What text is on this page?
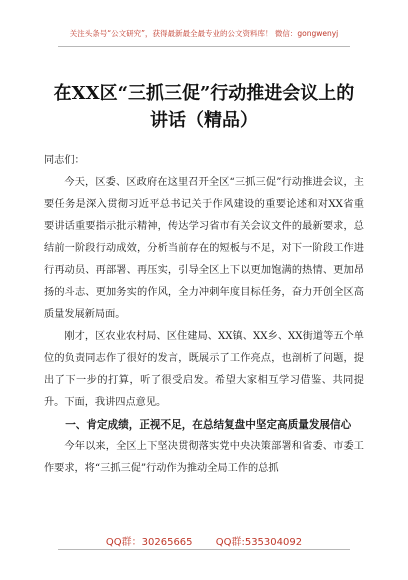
关注头条号“公文研究”，获得最新最全最专业的公文资料库！ 微信：gongwenyj
在XX区“三抓三促”行动推进会议上的
讲话（精品）

同志们：

今天，区委、区政府在这里召开全区“三抓三促”行动推进会议，主要任务是深入贯彻习近平总书记关于作风建设的重要论述和对XX省重要讲话重要指示批示精神，传达学习省市有关会议文件的最新要求，总结前一阶段行动成效，分析当前存在的短板与不足，对下一阶段工作进行再动员、再部署、再压实，引导全区上下以更加饱满的热情、更加昂扬的斗志、更加务实的作风，全力冲刺年度目标任务，奋力开创全区高质量发展新局面。

刚才，区农业农村局、区住建局、XX镇、XX乡、XX街道等五个单位的负责同志作了很好的发言，既展示了工作亮点，也剖析了问题，提出了下一步的打算，听了很受启发。希望大家相互学习借鉴、共同提升。下面，我讲四点意见。

一、肯定成绩，正视不足，在总结复盘中坚定高质量发展信心

今年以来，全区上下坚决贯彻落实党中央决策部署和省委、市委工作要求，将“三抓三促”行动作为推动全局工作的总抓

QQ群：30265665 QQ群:535304092
